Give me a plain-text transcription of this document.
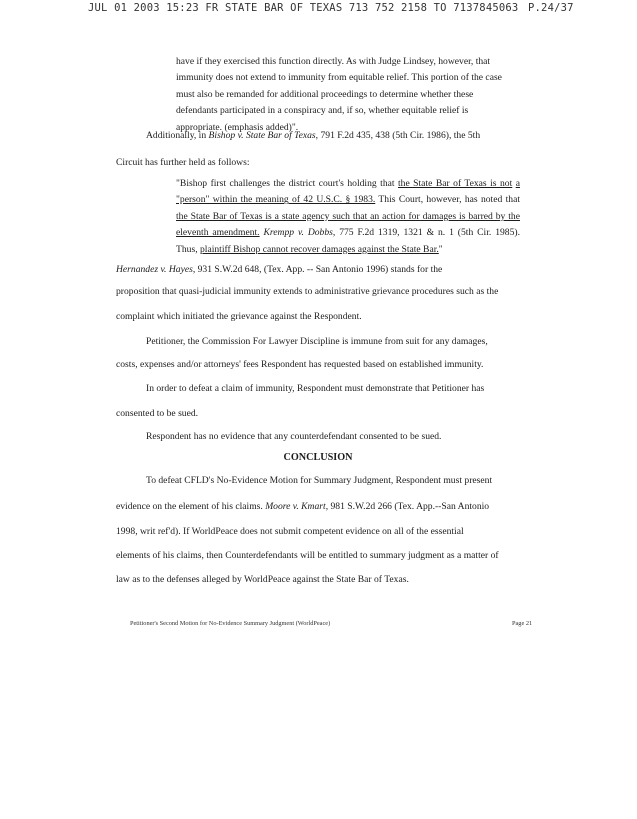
JUL 01 2003 15:23 FR STATE BAR OF TEXAS 713 752 2158 TO 7137845063 P.24/37

have if they exercised this function directly. As with Judge Lindsey, however, that

immunity does not extend to immunity from equitable relief. This portion of the case

must also be remanded for additional proceedings to determine whether these

defendants participated in a conspiracy and, if so, whether equitable relief is

appropriate. (emphasis added)".

Additionally, in Bishop v. State Bar of Texas, 791 F.2d 435, 438 (5th Cir. 1986), the 5th
Circuit has further held as follows:

"Bishop first challenges the district court's holding that the State Bar of Texas is not a "person" within the meaning of 42 U.S.C. § 1983. This Court, however, has noted that the State Bar of Texas is a state agency such that an action for damages is barred by the eleventh amendment. Krempp v. Dobbs, 775 F.2d 1319, 1321 & n. 1 (5th Cir. 1985). Thus, plaintiff Bishop cannot recover damages against the State Bar."

Hernandez v. Hayes, 931 S.W.2d 648, (Tex. App. -- San Antonio 1996) stands for the
proposition that quasi-judicial immunity extends to administrative grievance procedures such as the
complaint which initiated the grievance against the Respondent.
Petitioner, the Commission For Lawyer Discipline is immune from suit for any damages,
costs, expenses and/or attorneys' fees Respondent has requested based on established immunity.
In order to defeat a claim of immunity, Respondent must demonstrate that Petitioner has
consented to be sued.
Respondent has no evidence that any counterdefendant consented to be sued.
CONCLUSION
To defeat CFLD's No-Evidence Motion for Summary Judgment, Respondent must present
evidence on the element of his claims. Moore v. Kmart, 981 S.W.2d 266 (Tex. App.--San Antonio
1998, writ ref'd). If WorldPeace does not submit competent evidence on all of the essential
elements of his claims, then Counterdefendants will be entitled to summary judgment as a matter of
law as to the defenses alleged by WorldPeace against the State Bar of Texas.
Petitioner's Second Motion for No-Evidence Summary Judgment (WorldPeace)	Page 21
